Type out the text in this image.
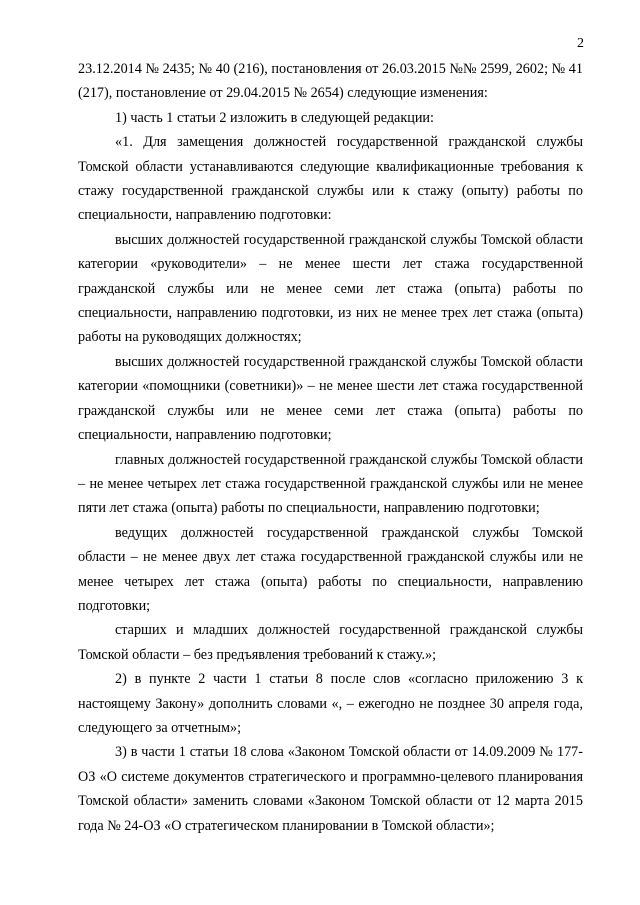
2

23.12.2014 № 2435; № 40 (216), постановления от 26.03.2015 №№ 2599, 2602; № 41 (217), постановление от 29.04.2015 № 2654) следующие изменения:

1) часть 1 статьи 2 изложить в следующей редакции:

«1. Для замещения должностей государственной гражданской службы Томской области устанавливаются следующие квалификационные требования к стажу государственной гражданской службы или к стажу (опыту) работы по специальности, направлению подготовки:

высших должностей государственной гражданской службы Томской области категории «руководители» – не менее шести лет стажа государственной гражданской службы или не менее семи лет стажа (опыта) работы по специальности, направлению подготовки, из них не менее трех лет стажа (опыта) работы на руководящих должностях;

высших должностей государственной гражданской службы Томской области категории «помощники (советники)» – не менее шести лет стажа государственной гражданской службы или не менее семи лет стажа (опыта) работы по специальности, направлению подготовки;

главных должностей государственной гражданской службы Томской области – не менее четырех лет стажа государственной гражданской службы или не менее пяти лет стажа (опыта) работы по специальности, направлению подготовки;

ведущих должностей государственной гражданской службы Томской области – не менее двух лет стажа государственной гражданской службы или не менее четырех лет стажа (опыта) работы по специальности, направлению подготовки;

старших и младших должностей государственной гражданской службы Томской области – без предъявления требований к стажу.»;

2) в пункте 2 части 1 статьи 8 после слов «согласно приложению 3 к настоящему Закону» дополнить словами «, – ежегодно не позднее 30 апреля года, следующего за отчетным»;

3) в части 1 статьи 18 слова «Законом Томской области от 14.09.2009 № 177-ОЗ «О системе документов стратегического и программно-целевого планирования Томской области» заменить словами «Законом Томской области от 12 марта 2015 года № 24-ОЗ «О стратегическом планировании в Томской области»;
